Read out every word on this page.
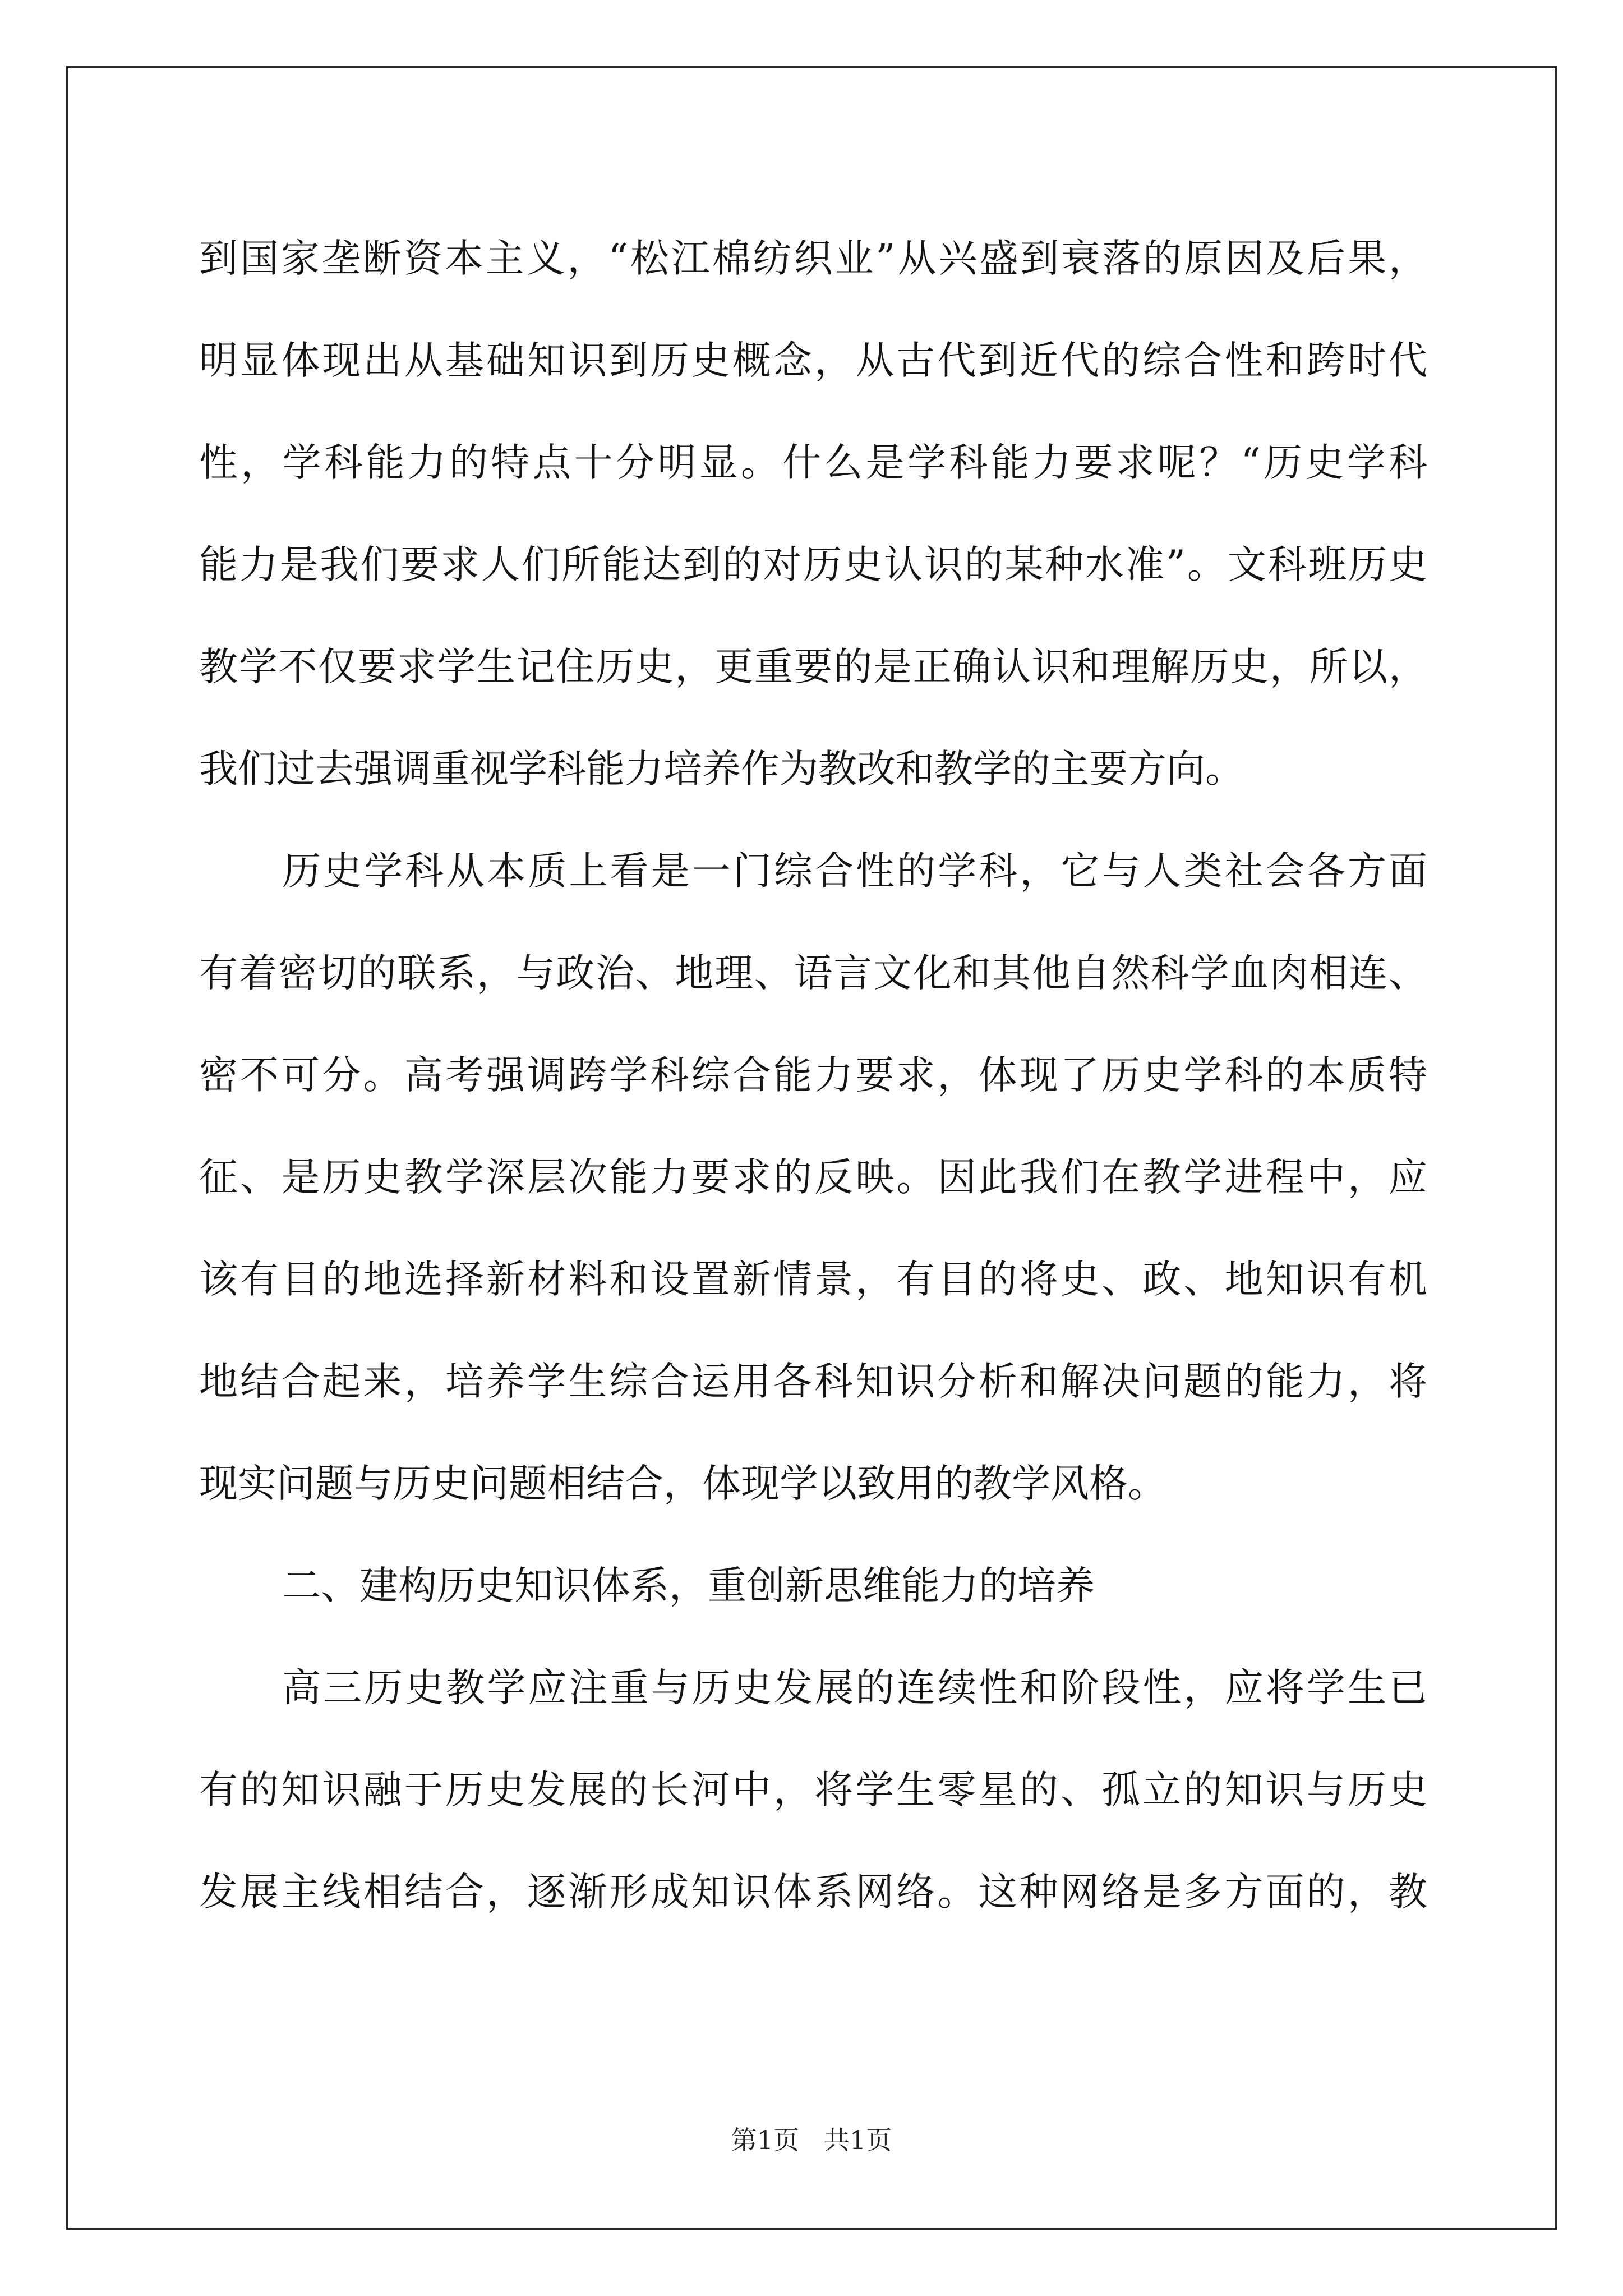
到国家垄断资本主义，“松江棉纺织业”从兴盛到衰落的原因及后果，
明显体现出从基础知识到历史概念，从古代到近代的综合性和跨时代
性，学科能力的特点十分明显。什么是学科能力要求呢？“历史学科
能力是我们要求人们所能达到的对历史认识的某种水准”。文科班历史
教学不仅要求学生记住历史，更重要的是正确认识和理解历史，所以，
我们过去强调重视学科能力培养作为教改和教学的主要方向。
历史学科从本质上看是一门综合性的学科，它与人类社会各方面
有着密切的联系，与政治、地理、语言文化和其他自然科学血肉相连、
密不可分。高考强调跨学科综合能力要求，体现了历史学科的本质特
征、是历史教学深层次能力要求的反映。因此我们在教学进程中，应
该有目的地选择新材料和设置新情景，有目的将史、政、地知识有机
地结合起来，培养学生综合运用各科知识分析和解决问题的能力，将
现实问题与历史问题相结合，体现学以致用的教学风格。
二、建构历史知识体系，重创新思维能力的培养
高三历史教学应注重与历史发展的连续性和阶段性，应将学生已
有的知识融于历史发展的长河中，将学生零星的、孤立的知识与历史
发展主线相结合，逐渐形成知识体系网络。这种网络是多方面的，教
第1页 共1页
